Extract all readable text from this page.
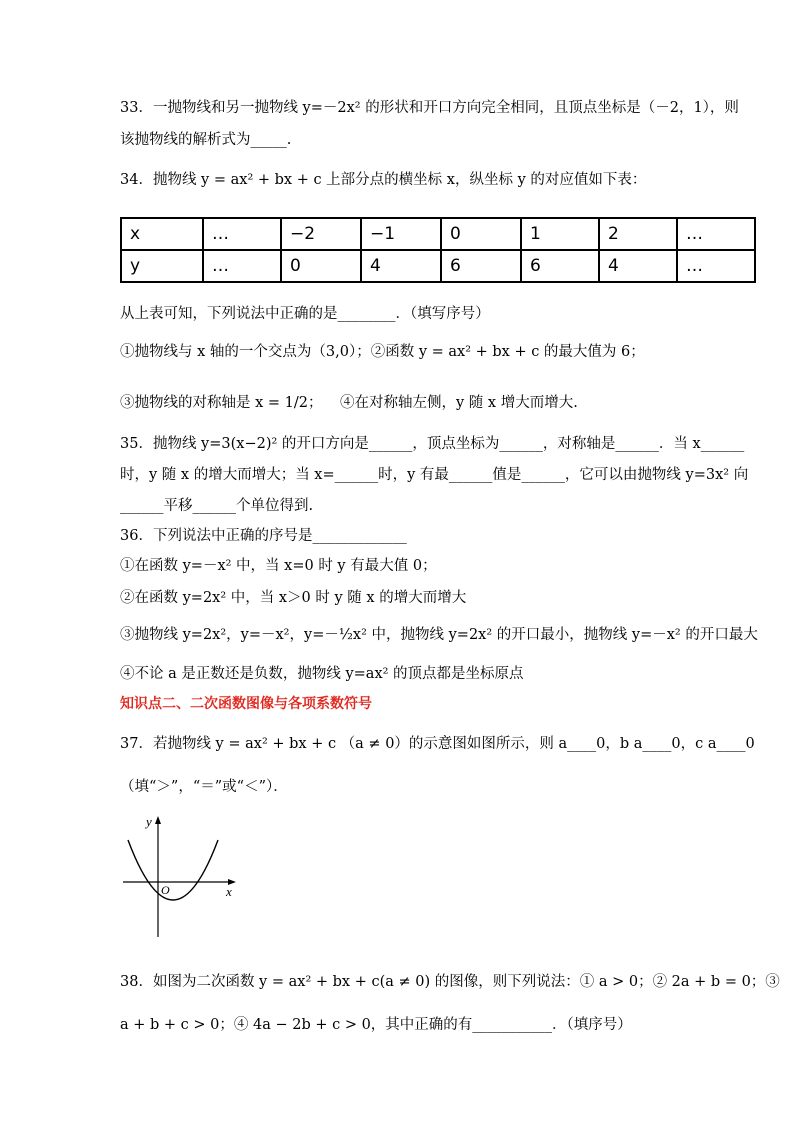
33．一抛物线和另一抛物线 y=－2x² 的形状和开口方向完全相同，且顶点坐标是（－2，1），则
该抛物线的解析式为_____.
34．抛物线 y = ax² + bx + c 上部分点的横坐标 x，纵坐标 y 的对应值如下表：
x	…	−2	−1	0	1	2	…
y	…	0	4	6	6	4	…
从上表可知，下列说法中正确的是________．（填写序号）
①抛物线与 x 轴的一个交点为（3,0）；②函数 y = ax² + bx + c 的最大值为 6；
③抛物线的对称轴是 x = 1/2； ④在对称轴左侧，y 随 x 增大而增大.
35．抛物线 y=3(x−2)² 的开口方向是______，顶点坐标为______，对称轴是______．当 x______
时，y 随 x 的增大而增大；当 x=______时，y 有最______值是______，它可以由抛物线 y=3x² 向
______平移______个单位得到.
36．下列说法中正确的序号是_____________
①在函数 y=－x² 中，当 x=0 时 y 有最大值 0；
②在函数 y=2x² 中，当 x＞0 时 y 随 x 的增大而增大
③抛物线 y=2x²，y=－x²，y=－½x² 中，抛物线 y=2x² 的开口最小，抛物线 y=－x² 的开口最大
④不论 a 是正数还是负数，抛物线 y=ax² 的顶点都是坐标原点
知识点二、二次函数图像与各项系数符号
37．若抛物线 y = ax² + bx + c （a ≠ 0）的示意图如图所示，则 a____0，b a____0，c a____0
（填“＞”，“＝”或“＜”）．
y
O	x
38．如图为二次函数 y = ax² + bx + c(a ≠ 0) 的图像，则下列说法：① a > 0；② 2a + b = 0；③
a + b + c > 0；④ 4a − 2b + c > 0，其中正确的有___________．（填序号）
